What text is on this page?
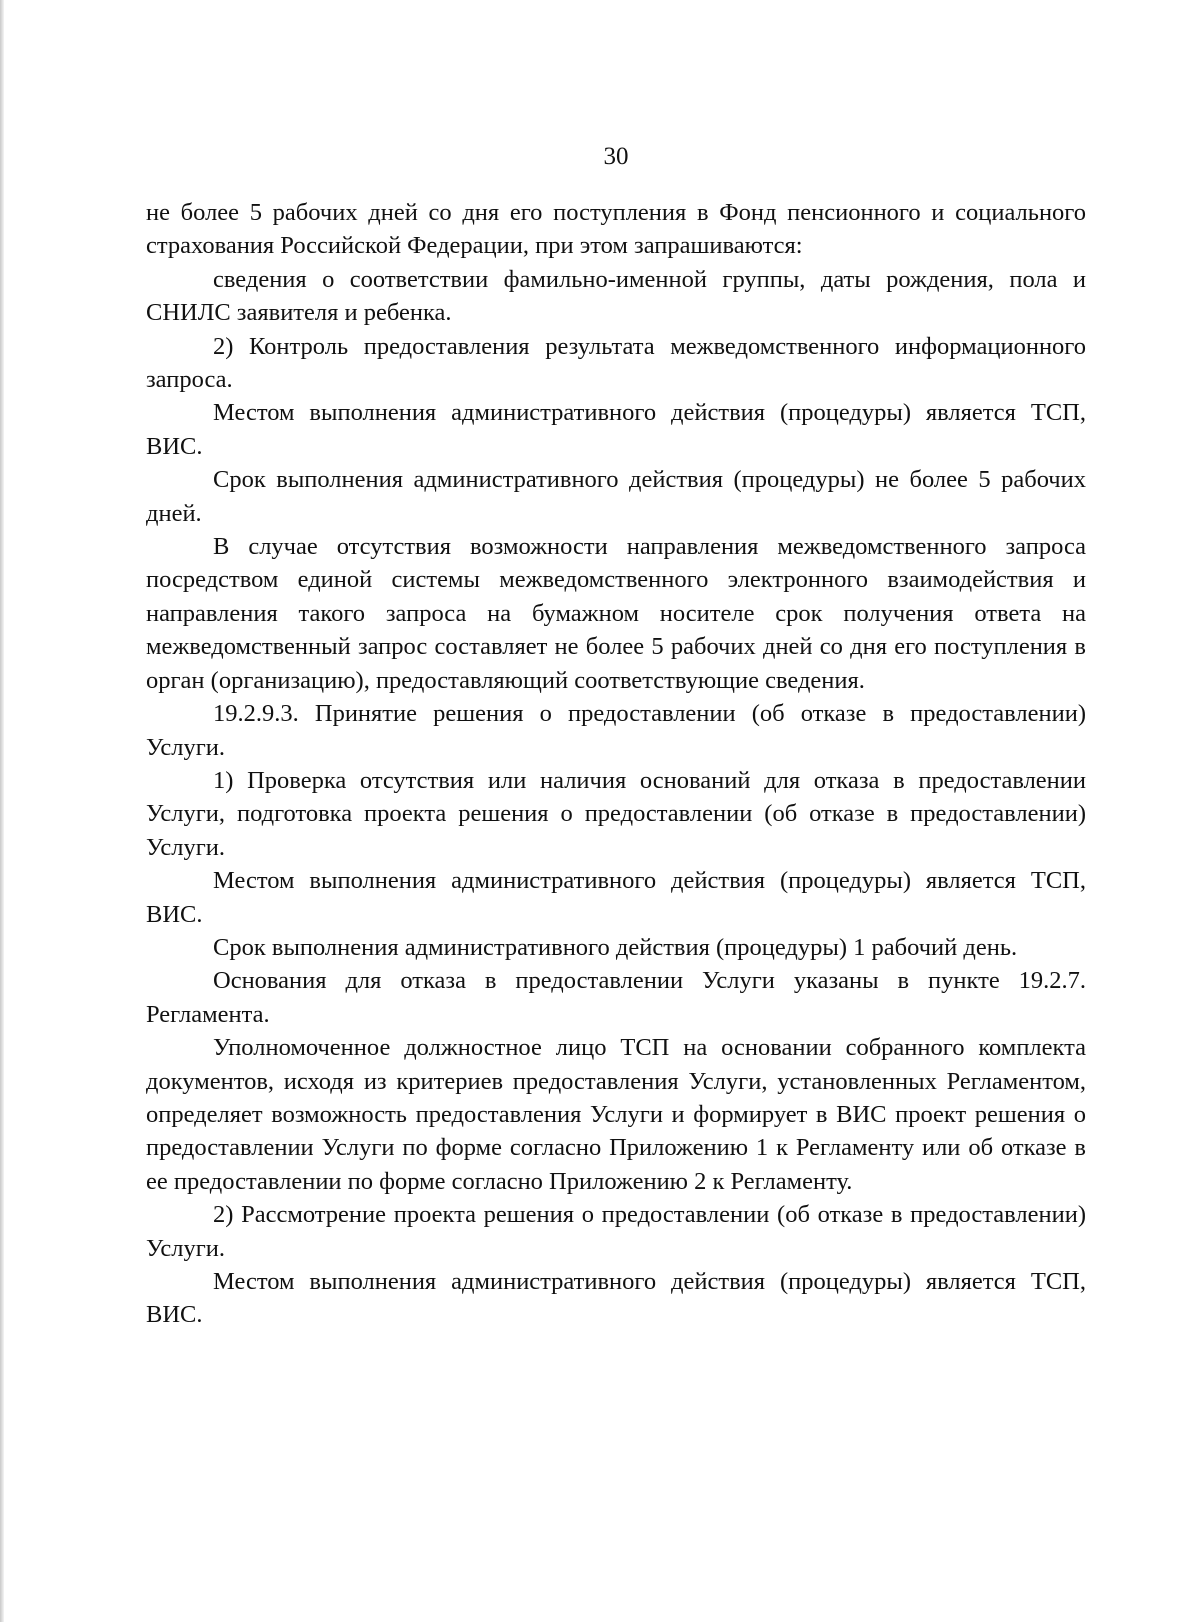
30

не более 5 рабочих дней со дня его поступления в Фонд пенсионного и социального страхования Российской Федерации, при этом запрашиваются:

сведения о соответствии фамильно-именной группы, даты рождения, пола и СНИЛС заявителя и ребенка.

2) Контроль предоставления результата межведомственного информационного запроса.

Местом выполнения административного действия (процедуры) является ТСП, ВИС.

Срок выполнения административного действия (процедуры) не более 5 рабочих дней.

В случае отсутствия возможности направления межведомственного запроса посредством единой системы межведомственного электронного взаимодействия и направления такого запроса на бумажном носителе срок получения ответа на межведомственный запрос составляет не более 5 рабочих дней со дня его поступления в орган (организацию), предоставляющий соответствующие сведения.

19.2.9.3. Принятие решения о предоставлении (об отказе в предоставлении) Услуги.

1) Проверка отсутствия или наличия оснований для отказа в предоставлении Услуги, подготовка проекта решения о предоставлении (об отказе в предоставлении) Услуги.

Местом выполнения административного действия (процедуры) является ТСП, ВИС.

Срок выполнения административного действия (процедуры) 1 рабочий день.

Основания для отказа в предоставлении Услуги указаны в пункте 19.2.7. Регламента.

Уполномоченное должностное лицо ТСП на основании собранного комплекта документов, исходя из критериев предоставления Услуги, установленных Регламентом, определяет возможность предоставления Услуги и формирует в ВИС проект решения о предоставлении Услуги по форме согласно Приложению 1 к Регламенту или об отказе в ее предоставлении по форме согласно Приложению 2 к Регламенту.

2) Рассмотрение проекта решения о предоставлении (об отказе в предоставлении) Услуги.

Местом выполнения административного действия (процедуры) является ТСП, ВИС.
